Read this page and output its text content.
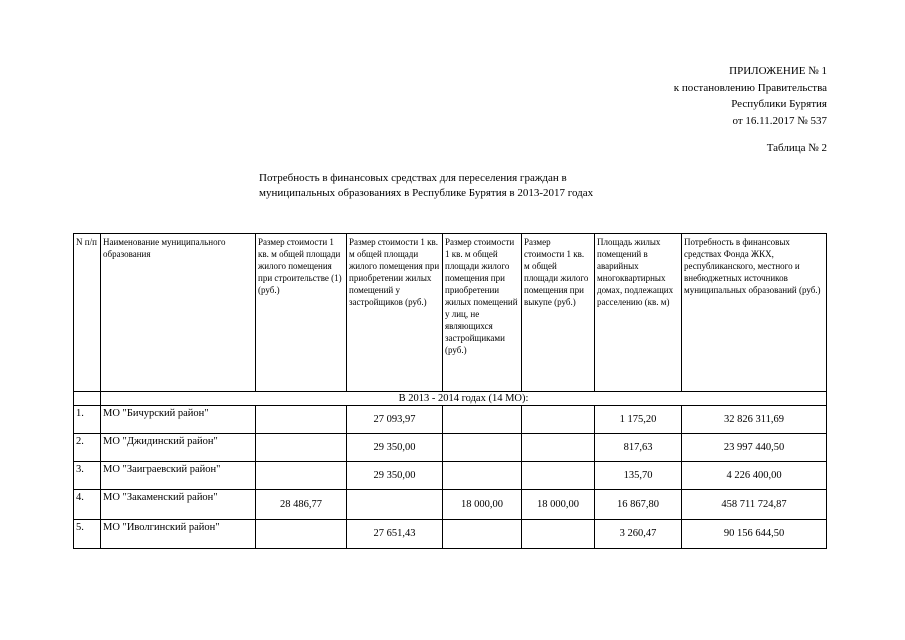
ПРИЛОЖЕНИЕ № 1
к постановлению Правительства
Республики Бурятия
от 16.11.2017 № 537
Таблица № 2
Потребность в финансовых средствах для переселения граждан в
муниципальных образованиях в Республике Бурятия в 2013-2017 годах
N п/п	Наименование муниципального образования	Размер стоимости 1 кв. м общей площади жилого помещения при строительстве (1) (руб.)	Размер стоимости 1 кв. м общей площади жилого помещения при приобретении жилых помещений у застройщиков (руб.)	Размер стоимости 1 кв. м общей площади жилого помещения при приобретении жилых помещений у лиц, не являющихся застройщиками (руб.)	Размер стоимости 1 кв. м общей площади жилого помещения при выкупе (руб.)	Площадь жилых помещений в аварийных многоквартирных домах, подлежащих расселению (кв. м)	Потребность в финансовых средствах Фонда ЖКХ, республиканского, местного и внебюджетных источников муниципальных образований (руб.)
	В 2013 - 2014 годах (14 МО):						
1.	МО "Бичурский район"		27 093,97			1 175,20	32 826 311,69
2.	МО "Джидинский район"		29 350,00			817,63	23 997 440,50
3.	МО "Заиграевский район"		29 350,00			135,70	4 226 400,00
4.	МО "Закаменский район"	28 486,77		18 000,00	18 000,00	16 867,80	458 711 724,87
5.	МО "Иволгинский район"		27 651,43			3 260,47	90 156 644,50
